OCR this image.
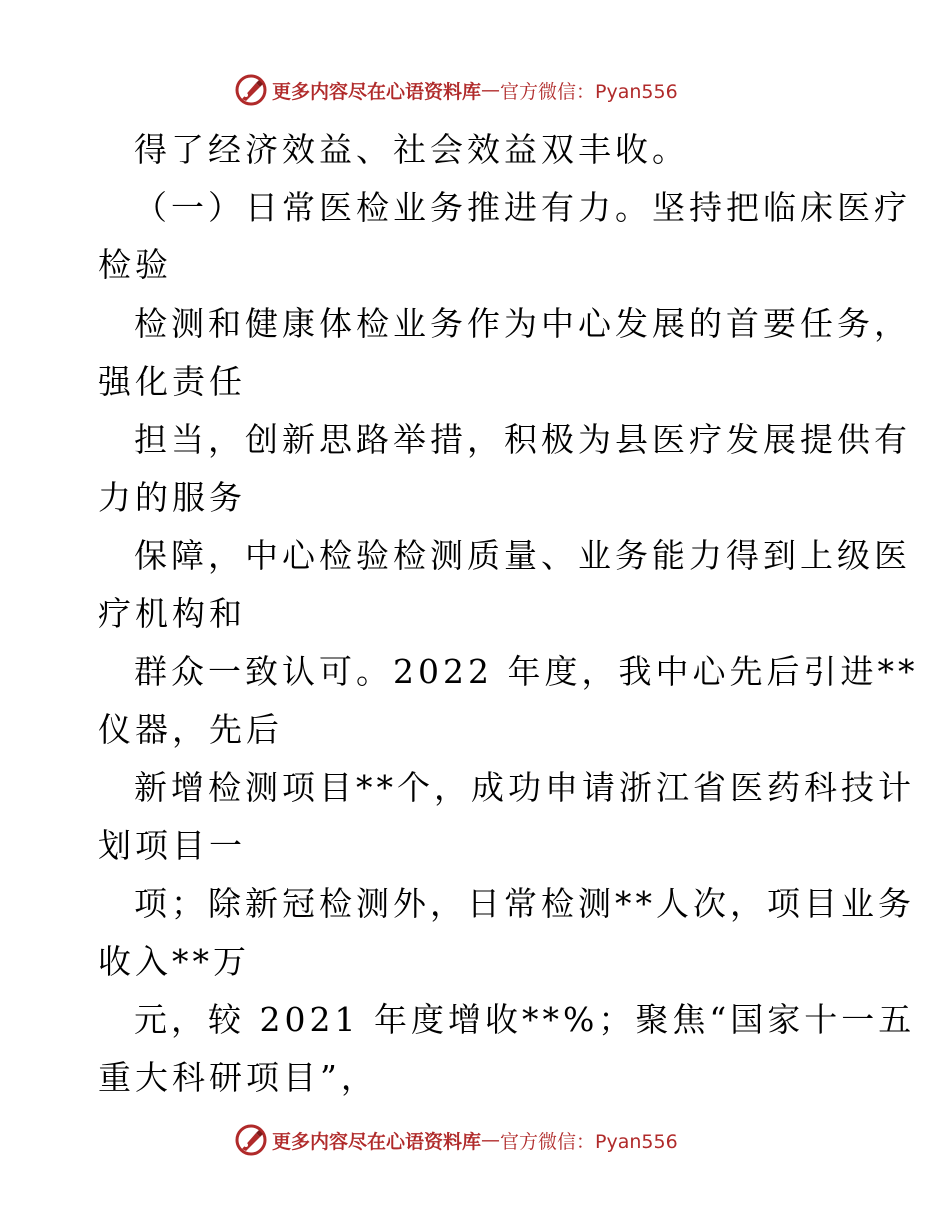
更多内容尽在心语资料库 — 官方微信：Pyan556
得了经济效益、社会效益双丰收。
（一）日常医检业务推进有力。坚持把临床医疗
检验
检测和健康体检业务作为中心发展的首要任务，
强化责任
担当，创新思路举措，积极为县医疗发展提供有
力的服务
保障，中心检验检测质量、业务能力得到上级医
疗机构和
群众一致认可。2022 年度，我中心先后引进**
仪器，先后
新增检测项目**个，成功申请浙江省医药科技计
划项目一
项；除新冠检测外，日常检测**人次，项目业务
收入**万
元，较 2021 年度增收**%；聚焦“国家十一五
重大科研项目”，
更多内容尽在心语资料库 — 官方微信：Pyan556
